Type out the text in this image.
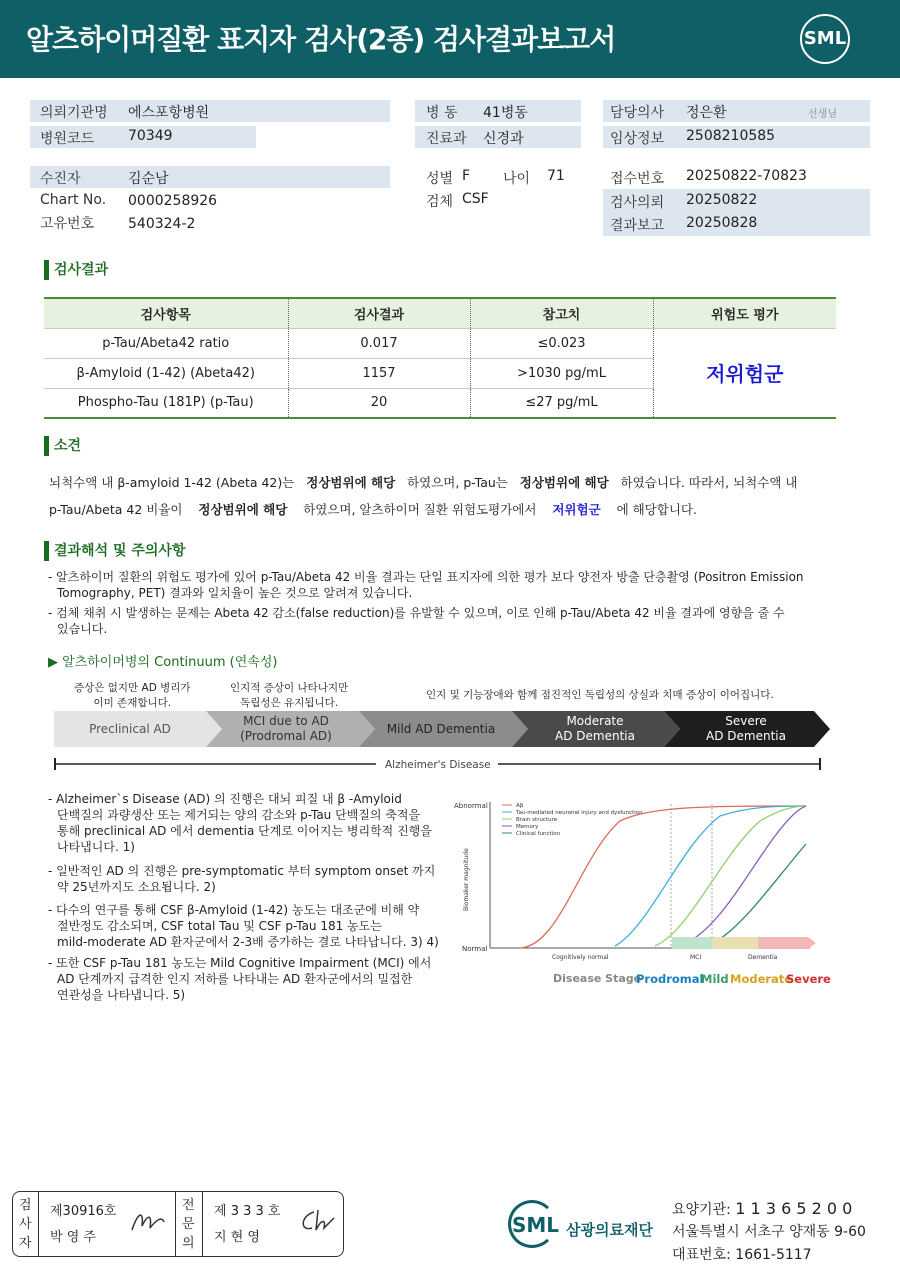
알츠하이머질환 표지자 검사(2종) 검사결과보고서	SML
의뢰기관명 에스포항병원
병원코드 70349
병 동 41병동
진료과 신경과
담당의사 정은환	선생님
임상정보 2508210585
수진자	김순남
Chart No. 0000258926
고유번호 540324-2
성별 F 나이 71
검체 CSF
접수번호 20250822-70823
검사의뢰 20250822
결과보고 20250828
검사결과
검사항목	검사결과	참고치	위험도 평가
p-Tau/Abeta42 ratio	0.017	≤0.023	저위험군
β-Amyloid (1-42) (Abeta42)	1157	>1030 pg/mL	
Phospho-Tau (181P) (p-Tau)	20	≤27 pg/mL	
소견
뇌척수액 내 β-amyloid 1-42 (Abeta 42)는 정상범위에 해당 하였으며, p-Tau는 정상범위에 해당 하였습니다. 따라서, 뇌척수액 내
p-Tau/Abeta 42 비율이 정상범위에 해당 하였으며, 알츠하이머 질환 위험도평가에서 저위험군 에 해당합니다.
결과해석 및 주의사항
- 알츠하이머 질환의 위험도 평가에 있어 p-Tau/Abeta 42 비율 결과는 단일 표지자에 의한 평가 보다 양전자 방출 단층촬영 (Positron Emission
Tomography, PET) 결과와 일치율이 높은 것으로 알려져 있습니다.
- 검체 채취 시 발생하는 문제는 Abeta 42 감소(false reduction)를 유발할 수 있으며, 이로 인해 p-Tau/Abeta 42 비율 결과에 영향을 줄 수
있습니다.
▶ 알츠하이머병의 Continuum (연속성)
증상은 없지만 AD 병리가
이미 존재합니다.
인지적 증상이 나타나지만
독립성은 유지됩니다.
인지 및 기능장애와 함께 점진적인 독립성의 상실과 치매 증상이 이어집니다.
Preclinical AD
MCI due to AD
(Prodromal AD)	Mild AD Dementia
Moderate
AD Dementia
Severe
AD Dementia
Alzheimer's Disease
- Alzheimer`s Disease (AD) 의 진행은 대뇌 피질 내 β -Amyloid
단백질의 과량생산 또는 제거되는 양의 감소와 p-Tau 단백질의 축적을
통해 preclinical AD 에서 dementia 단계로 이어지는 병리학적 진행을
나타냅니다. 1)
- 일반적인 AD 의 진행은 pre-symptomatic 부터 symptom onset 까지
약 25년까지도 소요됩니다. 2)
- 다수의 연구를 통해 CSF β-Amyloid (1-42) 농도는 대조군에 비해 약
절반정도 감소되며, CSF total Tau 및 CSF p-Tau 181 농도는
mild-moderate AD 환자군에서 2-3배 증가하는 결로 나타납니다. 3) 4)
- 또한 CSF p-Tau 181 농도는 Mild Cognitive Impairment (MCI) 에서
AD 단계까지 급격한 인지 저하를 나타내는 AD 환자군에서의 밀접한
연관성을 나타냅니다. 5)
Abnormal
Normal
Biomaker magnitude
Aβ
Tau-mediated neuronal injury and dysfunction
Brain structure
Memory
Clinical function
Cognitively normal	MCI	Dementia
Disease Stage
Prodromal
Mild Moderate
Severe
검사자
제30916호
박 영 주
전문의
제 3 3 3 호
지 현 영
SML 삼광의료재단
요양기관: 1 1 3 6 5 2 0 0
서울특별시 서초구 양재동 9-60
대표번호: 1661-5117
